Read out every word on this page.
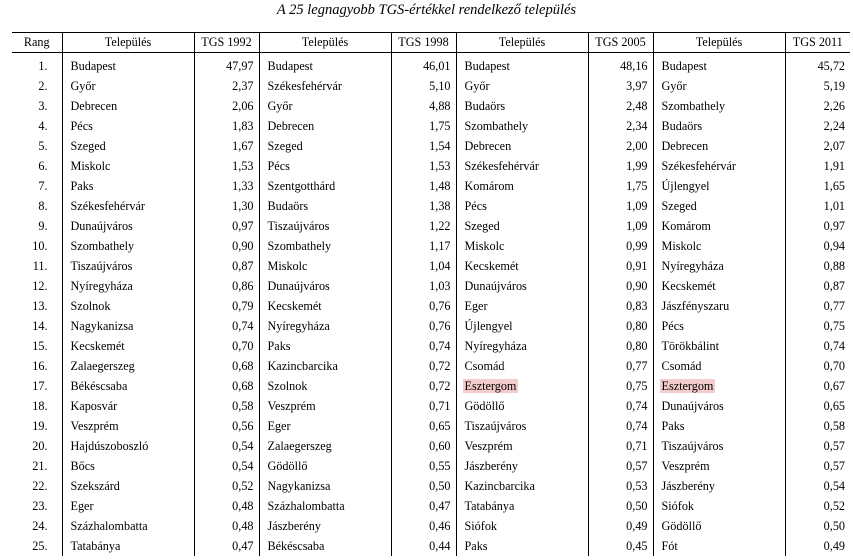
A 25 legnagyobb TGS-értékkel rendelkező település
Rang	Település	TGS 1992	Település	TGS 1998	Település	TGS 2005	Település	TGS 2011
1.	Budapest	47,97	Budapest	46,01	Budapest	48,16	Budapest	45,72
2.	Győr	2,37	Székesfehérvár	5,10	Győr	3,97	Győr	5,19
3.	Debrecen	2,06	Győr	4,88	Budaörs	2,48	Szombathely	2,26
4.	Pécs	1,83	Debrecen	1,75	Szombathely	2,34	Budaörs	2,24
5.	Szeged	1,67	Szeged	1,54	Debrecen	2,00	Debrecen	2,07
6.	Miskolc	1,53	Pécs	1,53	Székesfehérvár	1,99	Székesfehérvár	1,91
7.	Paks	1,33	Szentgotthárd	1,48	Komárom	1,75	Újlengyel	1,65
8.	Székesfehérvár	1,30	Budaörs	1,38	Pécs	1,09	Szeged	1,01
9.	Dunaújváros	0,97	Tiszaújváros	1,22	Szeged	1,09	Komárom	0,97
10.	Szombathely	0,90	Szombathely	1,17	Miskolc	0,99	Miskolc	0,94
11.	Tiszaújváros	0,87	Miskolc	1,04	Kecskemét	0,91	Nyíregyháza	0,88
12.	Nyíregyháza	0,86	Dunaújváros	1,03	Dunaújváros	0,90	Kecskemét	0,87
13.	Szolnok	0,79	Kecskemét	0,76	Eger	0,83	Jászfényszaru	0,77
14.	Nagykanizsa	0,74	Nyíregyháza	0,76	Újlengyel	0,80	Pécs	0,75
15.	Kecskemét	0,70	Paks	0,74	Nyíregyháza	0,80	Törökbálint	0,74
16.	Zalaegerszeg	0,68	Kazincbarcika	0,72	Csomád	0,77	Csomád	0,70
17.	Békéscsaba	0,68	Szolnok	0,72	Esztergom	0,75	Esztergom	0,67
18.	Kaposvár	0,58	Veszprém	0,71	Gödöllő	0,74	Dunaújváros	0,65
19.	Veszprém	0,56	Eger	0,65	Tiszaújváros	0,74	Paks	0,58
20.	Hajdúszoboszló	0,54	Zalaegerszeg	0,60	Veszprém	0,71	Tiszaújváros	0,57
21.	Bőcs	0,54	Gödöllő	0,55	Jászberény	0,57	Veszprém	0,57
22.	Szekszárd	0,52	Nagykanizsa	0,50	Kazincbarcika	0,53	Jászberény	0,54
23.	Eger	0,48	Százhalombatta	0,47	Tatabánya	0,50	Siófok	0,52
24.	Százhalombatta	0,48	Jászberény	0,46	Siófok	0,49	Gödöllő	0,50
25.	Tatabánya	0,47	Békéscsaba	0,44	Paks	0,45	Fót	0,49
